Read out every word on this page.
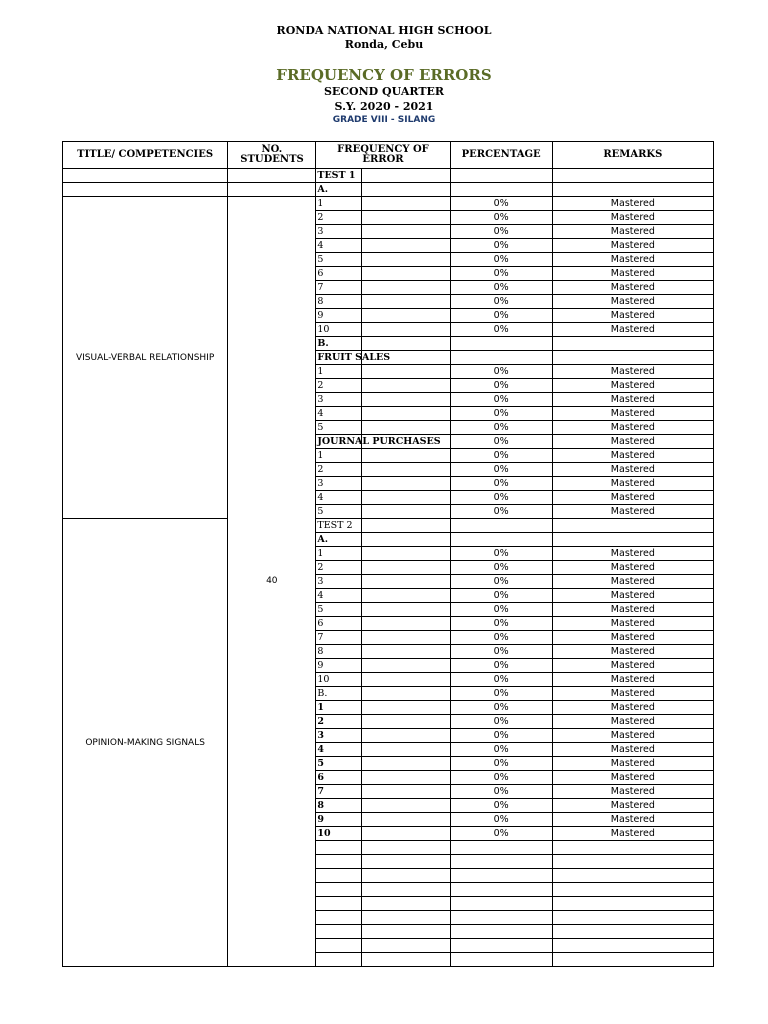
RONDA NATIONAL HIGH SCHOOL
Ronda, Cebu
FREQUENCY OF ERRORS
SECOND QUARTER
S.Y. 2020 - 2021
GRADE VIII - SILANG
TITLE/ COMPETENCIES	NO. STUDENTS	FREQUENCY OF ERROR		PERCENTAGE	REMARKS
		TEST 1			
		A.			
VISUAL-VERBAL RELATIONSHIP	40	1		0%	Mastered
		2		0%	Mastered
		3		0%	Mastered
		4		0%	Mastered
		5		0%	Mastered
		6		0%	Mastered
		7		0%	Mastered
		8		0%	Mastered
		9		0%	Mastered
		10		0%	Mastered
		B.			
		FRUIT SALES			
		1		0%	Mastered
		2		0%	Mastered
		3		0%	Mastered
		4		0%	Mastered
		5		0%	Mastered
		JOURNAL PURCHASES		0%	Mastered
		1		0%	Mastered
		2		0%	Mastered
		3		0%	Mastered
		4		0%	Mastered
		5		0%	Mastered
OPINION-MAKING SIGNALS		TEST 2			
		A.			
		1		0%	Mastered
		2		0%	Mastered
		3		0%	Mastered
		4		0%	Mastered
		5		0%	Mastered
		6		0%	Mastered
		7		0%	Mastered
		8		0%	Mastered
		9		0%	Mastered
		10		0%	Mastered
		B.		0%	Mastered
		1		0%	Mastered
		2		0%	Mastered
		3		0%	Mastered
		4		0%	Mastered
		5		0%	Mastered
		6		0%	Mastered
		7		0%	Mastered
		8		0%	Mastered
		9		0%	Mastered
		10		0%	Mastered
